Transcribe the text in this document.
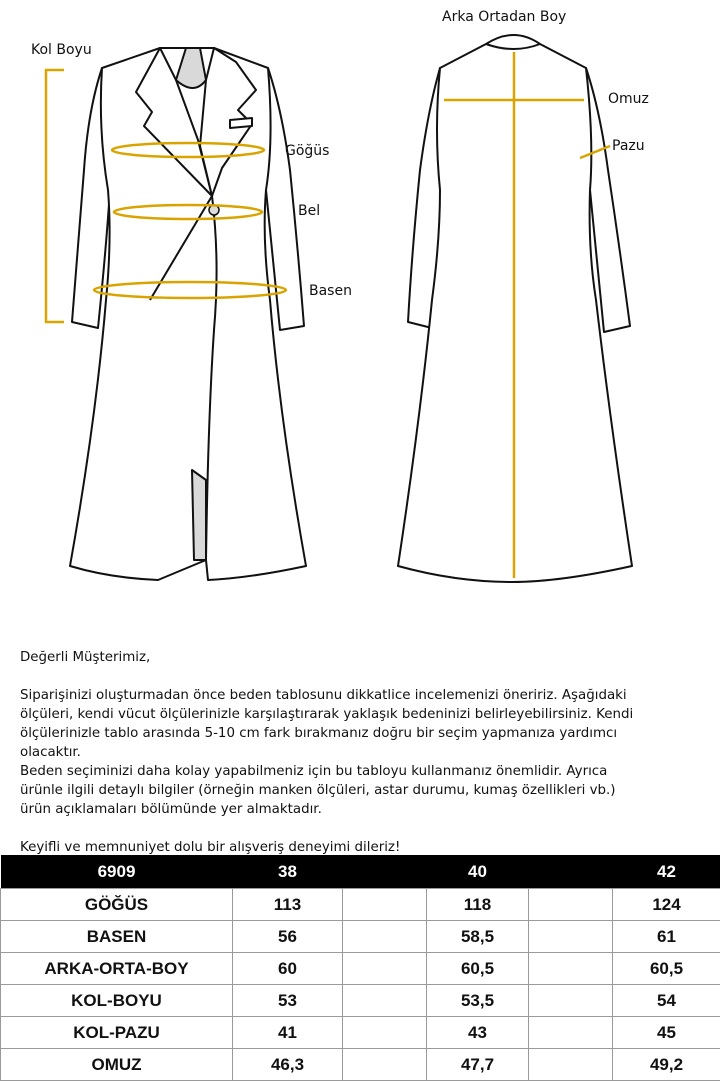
Kol Boyu
Göğüs
Bel
Basen
Arka Ortadan Boy
Omuz
Pazu

Değerli Müşterimiz,

Siparişinizi oluşturmadan önce beden tablosunu dikkatlice incelemenizi öneririz. Aşağıdaki

ölçüleri, kendi vücut ölçülerinizle karşılaştırarak yaklaşık bedeninizi belirleyebilirsiniz. Kendi

ölçülerinizle tablo arasında 5-10 cm fark bırakmanız doğru bir seçim yapmanıza yardımcı

olacaktır.

Beden seçiminizi daha kolay yapabilmeniz için bu tabloyu kullanmanız önemlidir. Ayrıca

ürünle ilgili detaylı bilgiler (örneğin manken ölçüleri, astar durumu, kumaş özellikleri vb.)

ürün açıklamaları bölümünde yer almaktadır.

Keyifli ve memnuniyet dolu bir alışveriş deneyimi dileriz!

6909	38		40		42
GÖĞÜS	113		118		124
BASEN	56		58,5		61
ARKA-ORTA-BOY	60		60,5		60,5
KOL-BOYU	53		53,5		54
KOL-PAZU	41		43		45
OMUZ	46,3		47,7		49,2
